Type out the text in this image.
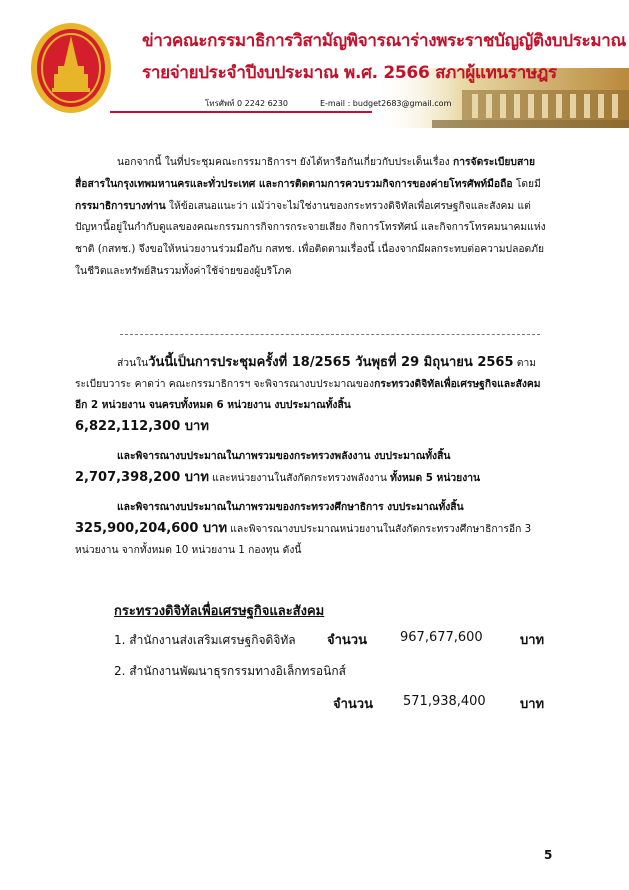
ข่าวคณะกรรมาธิการวิสามัญพิจารณาร่างพระราชบัญญัติงบประมาณ
รายจ่ายประจำปีงบประมาณ พ.ศ. 2566 สภาผู้แทนราษฎร
โทรศัพท์ 0 2242 6230	E-mail : budget2683@gmail.com
นอกจากนี้ ในที่ประชุมคณะกรรมาธิการฯ ยังได้หารือกันเกี่ยวกับประเด็นเรื่อง การจัดระเบียบสายสื่อสารในกรุงเทพมหานครและทั่วประเทศ และการติดตามการควบรวมกิจการของค่ายโทรศัพท์มือถือ โดยมี กรรมาธิการบางท่าน ให้ข้อเสนอแนะว่า แม้ว่าจะไม่ใช่งานของกระทรวงดิจิทัลเพื่อเศรษฐกิจและสังคม แต่ปัญหานี้อยู่ในกำกับดูแลของคณะกรรมการกิจการกระจายเสียง กิจการโทรทัศน์ และกิจการโทรคมนาคมแห่งชาติ (กสทช.) จึงขอให้หน่วยงานร่วมมือกับ กสทช. เพื่อติดตามเรื่องนี้ เนื่องจากมีผลกระทบต่อความปลอดภัยในชีวิตและทรัพย์สินรวมทั้งค่าใช้จ่ายของผู้บริโภค
ส่วนในวันนี้เป็นการประชุมครั้งที่ 18/2565 วันพุธที่ 29 มิถุนายน 2565 ตามระเบียบวาระ คาดว่า คณะกรรมาธิการฯ จะพิจารณางบประมาณของกระทรวงดิจิทัลเพื่อเศรษฐกิจและสังคม อีก 2 หน่วยงาน จนครบทั้งหมด 6 หน่วยงาน งบประมาณทั้งสิ้น
6,822,112,300 บาท
และพิจารณางบประมาณในภาพรวมของกระทรวงพลังงาน งบประมาณทั้งสิ้น
2,707,398,200 บาท และหน่วยงานในสังกัดกระทรวงพลังงาน ทั้งหมด 5 หน่วยงาน
และพิจารณางบประมาณในภาพรวมของกระทรวงศึกษาธิการ งบประมาณทั้งสิ้น
325,900,204,600 บาท และพิจารณางบประมาณหน่วยงานในสังกัดกระทรวงศึกษาธิการอีก 3 หน่วยงาน จากทั้งหมด 10 หน่วยงาน 1 กองทุน ดังนี้
กระทรวงดิจิทัลเพื่อเศรษฐกิจและสังคม
1. สำนักงานส่งเสริมเศรษฐกิจดิจิทัล จำนวน	967,677,600	บาท
2. สำนักงานพัฒนาธุรกรรมทางอิเล็กทรอนิกส์
จำนวน 571,938,400	บาท
5
